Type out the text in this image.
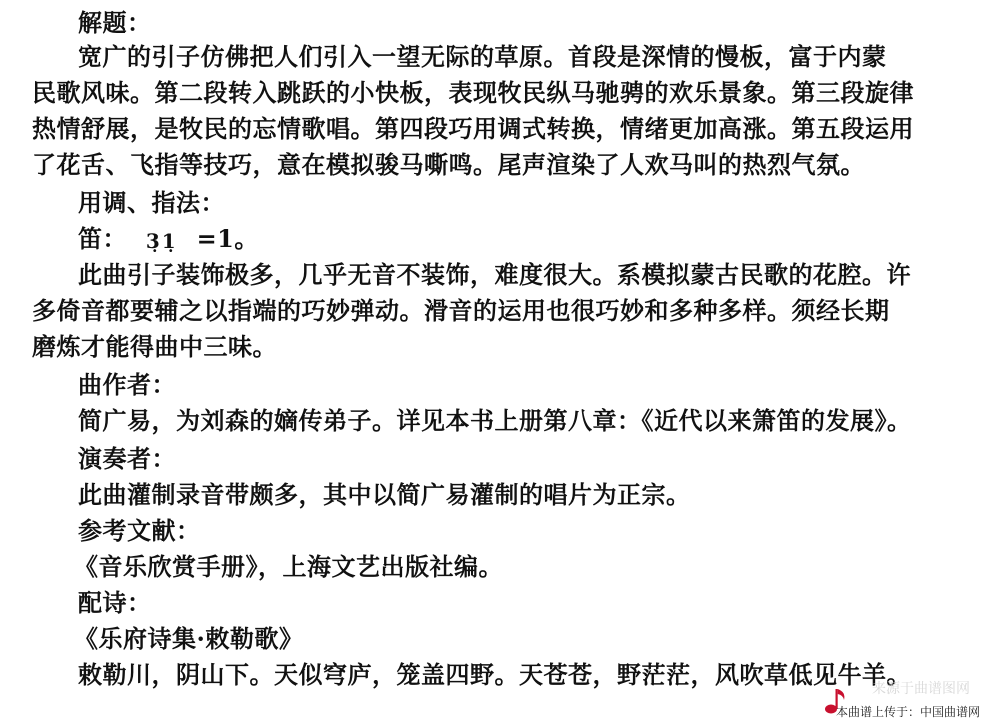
解题：
宽广的引子仿佛把人们引入一望无际的草原。首段是深情的慢板，富于内蒙
民歌风味。第二段转入跳跃的小快板，表现牧民纵马驰骋的欢乐景象。第三段旋律
热情舒展，是牧民的忘情歌唱。第四段巧用调式转换，情绪更加高涨。第五段运用
了花舌、飞指等技巧，意在模拟骏马嘶鸣。尾声渲染了人欢马叫的热烈气氛。
用调、指法：
笛： 3̣1̣ =1。
此曲引子装饰极多，几乎无音不装饰，难度很大。系模拟蒙古民歌的花腔。许
多倚音都要辅之以指端的巧妙弹动。滑音的运用也很巧妙和多种多样。须经长期
磨炼才能得曲中三味。
曲作者：
简广易，为刘森的嫡传弟子。详见本书上册第八章：《近代以来箫笛的发展》。
演奏者：
此曲灌制录音带颇多，其中以简广易灌制的唱片为正宗。
参考文献：
《音乐欣赏手册》，上海文艺出版社编。
配诗：
《乐府诗集·敕勒歌》
敕勒川，阴山下。天似穹庐，笼盖四野。天苍苍，野茫茫，风吹草低见牛羊。
来源于曲谱图网
本曲谱上传于：中国曲谱网
